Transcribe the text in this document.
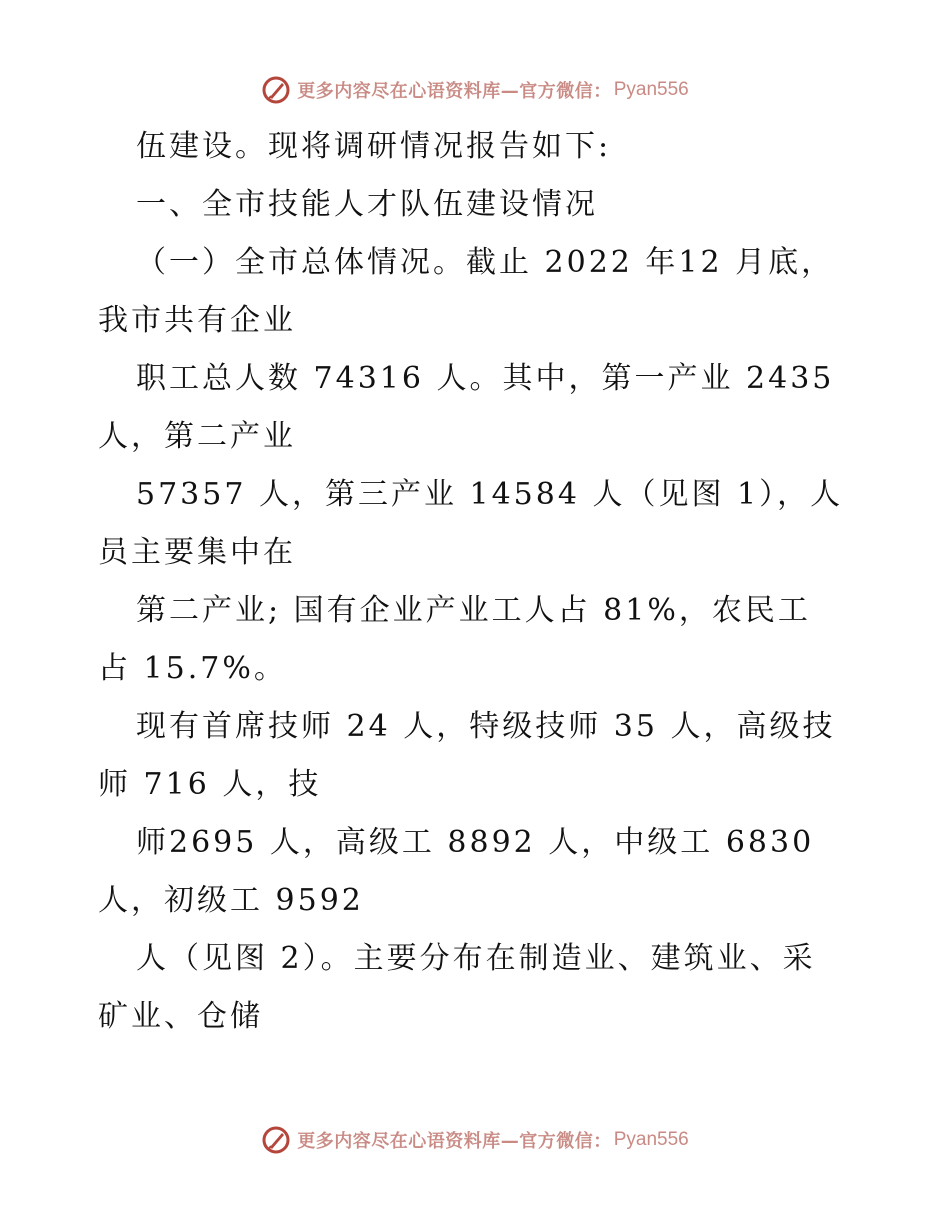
更多内容尽在心语资料库—官方微信： Pyan556
伍建设。现将调研情况报告如下:
一、全市技能人才队伍建设情况
（一）全市总体情况。截止 2022 年12 月底，
我市共有企业
职工总人数 74316 人。其中，第一产业 2435
人，第二产业
57357 人，第三产业 14584 人（见图 1），人
员主要集中在
第二产业; 国有企业产业工人占 81%，农民工
占 15.7%。
现有首席技师 24 人，特级技师 35 人，高级技
师 716 人，技
师2695 人，高级工 8892 人，中级工 6830
人，初级工 9592
人（见图 2）。主要分布在制造业、建筑业、采
矿业、仓储
更多内容尽在心语资料库—官方微信： Pyan556
